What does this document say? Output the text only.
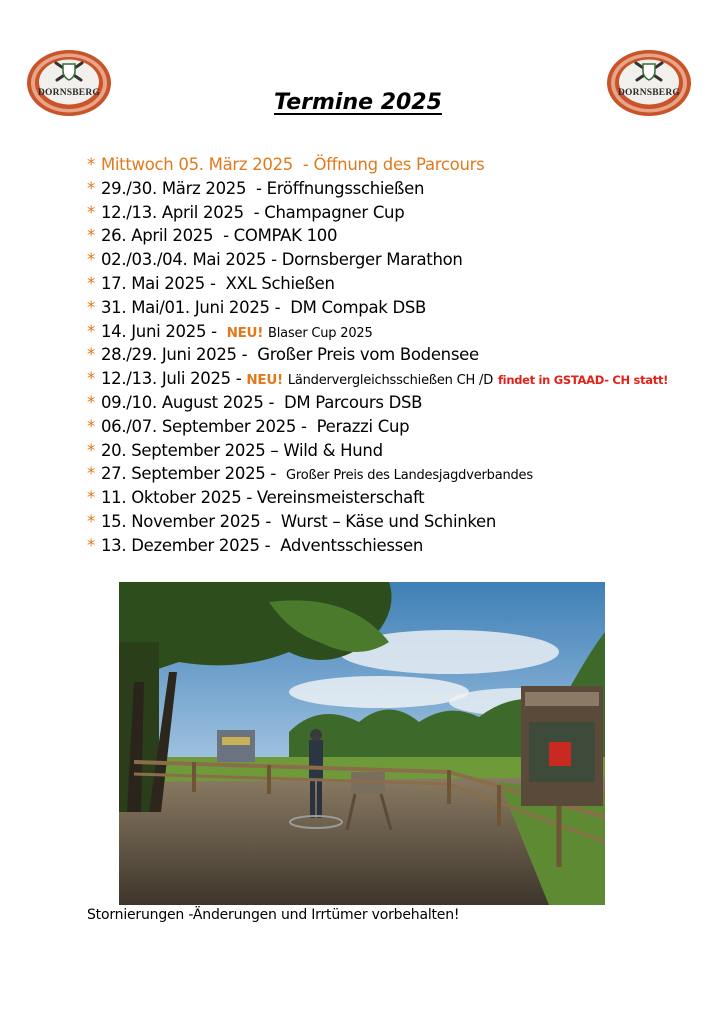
DORNSBERG	DORNSBERG
Termine 2025
* Mittwoch 05. März 2025  - Öffnung des Parcours
* 29./30. März 2025  - Eröffnungsschießen
* 12./13. April 2025  - Champagner Cup
* 26. April 2025  - COMPAK 100
* 02./03./04. Mai 2025 - Dornsberger Marathon
* 17. Mai 2025 -  XXL Schießen
* 31. Mai/01. Juni 2025 -  DM Compak DSB
* 14. Juni 2025 -  NEU! Blaser Cup 2025
* 28./29. Juni 2025 -  Großer Preis vom Bodensee
* 12./13. Juli 2025 - NEU! Ländervergleichsschießen CH /D findet in GSTAAD- CH statt!
* 09./10. August 2025 -  DM Parcours DSB
* 06./07. September 2025 -  Perazzi Cup
* 20. September 2025 – Wild & Hund
* 27. September 2025 -  Großer Preis des Landesjagdverbandes
* 11. Oktober 2025 - Vereinsmeisterschaft
* 15. November 2025 -  Wurst – Käse und Schinken
* 13. Dezember 2025 -  Adventsschiessen
Stornierungen -Änderungen und Irrtümer vorbehalten!
